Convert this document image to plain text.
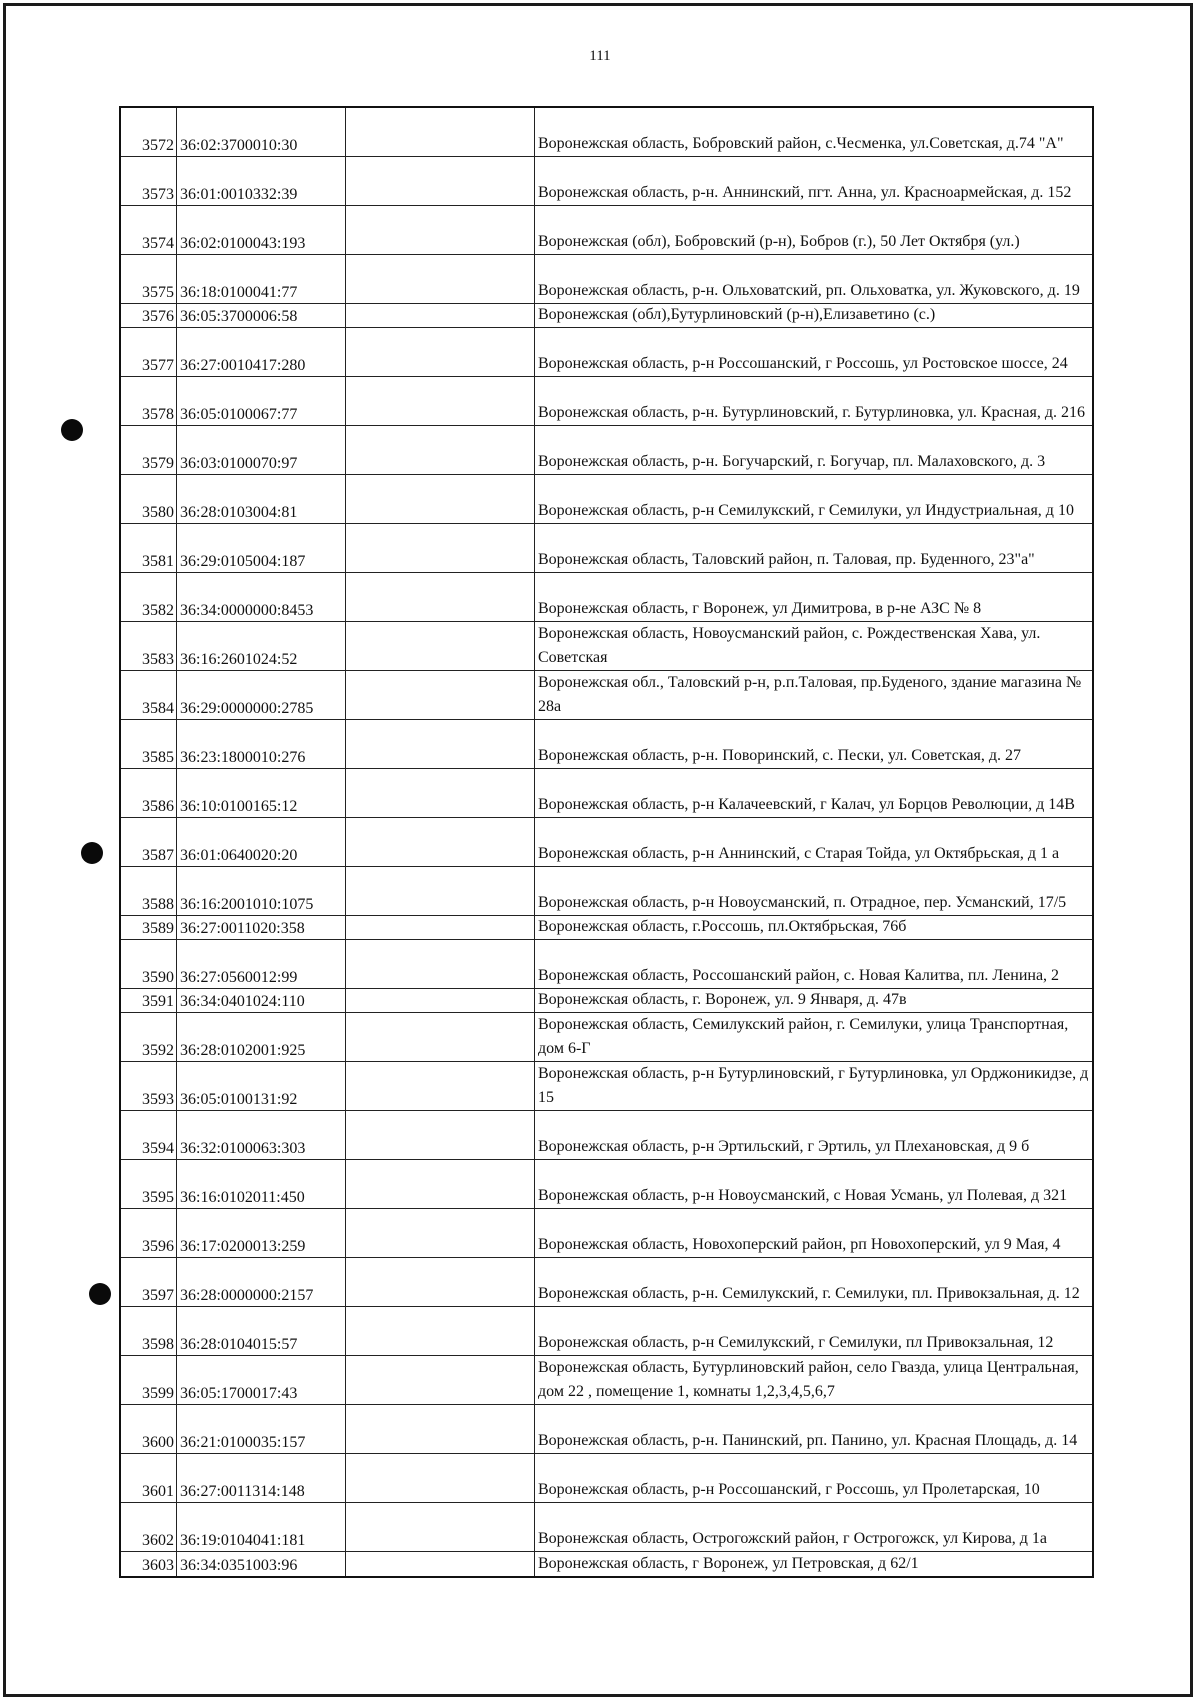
111
3572 36:02:3700010:30	Воронежская область, Бобровский район, с.Чесменка, ул.Советская, д.74 "А"
3573 36:01:0010332:39	Воронежская область, р-н. Аннинский, пгт. Анна, ул. Красноармейская, д. 152
3574 36:02:0100043:193	Воронежская (обл), Бобровский (р-н), Бобров (г.), 50 Лет Октября (ул.)
3575 36:18:0100041:77	Воронежская область, р-н. Ольховатский, рп. Ольховатка, ул. Жуковского, д. 19
3576 36:05:3700006:58	Воронежская (обл),Бутурлиновский (р-н),Елизаветино (с.)
3577 36:27:0010417:280	Воронежская область, р-н Россошанский, г Россошь, ул Ростовское шоссе, 24
3578 36:05:0100067:77	Воронежская область, р-н. Бутурлиновский, г. Бутурлиновка, ул. Красная, д. 216
3579 36:03:0100070:97	Воронежская область, р-н. Богучарский, г. Богучар, пл. Малаховского, д. 3
3580 36:28:0103004:81	Воронежская область, р-н Семилукский, г Семилуки, ул Индустриальная, д 10
3581 36:29:0105004:187	Воронежская область, Таловский район, п. Таловая, пр. Буденного, 23"а"
3582 36:34:0000000:8453	Воронежская область, г Воронеж, ул Димитрова, в р-не АЗС № 8
3583 36:16:2601024:52
Воронежская область, Новоусманский район, с. Рождественская Хава, ул. Советская
3584 36:29:0000000:2785
Воронежская обл., Таловский р-н, р.п.Таловая, пр.Буденого, здание магазина № 28а
3585 36:23:1800010:276	Воронежская область, р-н. Поворинский, с. Пески, ул. Советская, д. 27
3586 36:10:0100165:12	Воронежская область, р-н Калачеевский, г Калач, ул Борцов Революции, д 14В
3587 36:01:0640020:20	Воронежская область, р-н Аннинский, с Старая Тойда, ул Октябрьская, д 1 а
3588 36:16:2001010:1075	Воронежская область, р-н Новоусманский, п. Отрадное, пер. Усманский, 17/5
3589 36:27:0011020:358	Воронежская область, г.Россошь, пл.Октябрьская, 76б
3590 36:27:0560012:99	Воронежская область, Россошанский район, с. Новая Калитва, пл. Ленина, 2
3591 36:34:0401024:110	Воронежская область, г. Воронеж, ул. 9 Января, д. 47в
3592 36:28:0102001:925
Воронежская область, Семилукский район, г. Семилуки, улица Транспортная, дом 6-Г
3593 36:05:0100131:92
Воронежская область, р-н Бутурлиновский, г Бутурлиновка, ул Орджоникидзе, д 15
3594 36:32:0100063:303	Воронежская область, р-н Эртильский, г Эртиль, ул Плехановская, д 9 б
3595 36:16:0102011:450	Воронежская область, р-н Новоусманский, с Новая Усмань, ул Полевая, д 321
3596 36:17:0200013:259	Воронежская область, Новохоперский район, рп Новохоперский, ул 9 Мая, 4
3597 36:28:0000000:2157	Воронежская область, р-н. Семилукский, г. Семилуки, пл. Привокзальная, д. 12
3598 36:28:0104015:57	Воронежская область, р-н Семилукский, г Семилуки, пл Привокзальная, 12
3599 36:05:1700017:43
Воронежская область, Бутурлиновский район, село Гвазда, улица Центральная, дом 22 , помещение 1, комнаты 1,2,3,4,5,6,7
3600 36:21:0100035:157	Воронежская область, р-н. Панинский, рп. Панино, ул. Красная Площадь, д. 14
3601 36:27:0011314:148	Воронежская область, р-н Россошанский, г Россошь, ул Пролетарская, 10
3602 36:19:0104041:181	Воронежская область, Острогожский район, г Острогожск, ул Кирова, д 1а
3603 36:34:0351003:96	Воронежская область, г Воронеж, ул Петровская, д 62/1
